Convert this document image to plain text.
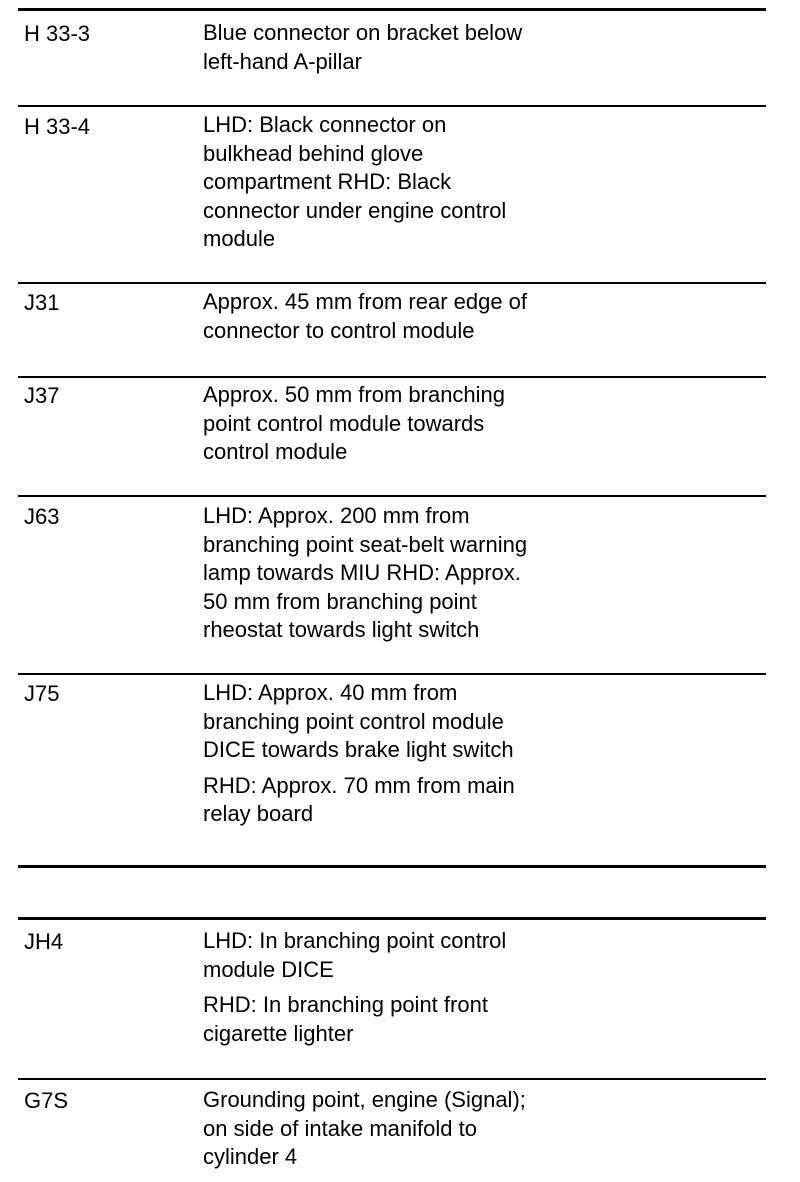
H 33-3	Blue connector on bracket below
left-hand A-pillar
H 33-4	LHD: Black connector on
bulkhead behind glove
compartment RHD: Black
connector under engine control
module
J31	Approx. 45 mm from rear edge of
connector to control module
J37	Approx. 50 mm from branching
point control module towards
control module
J63	LHD: Approx. 200 mm from
branching point seat-belt warning
lamp towards MIU RHD: Approx.
50 mm from branching point
rheostat towards light switch
J75	LHD: Approx. 40 mm from
branching point control module
DICE towards brake light switch
RHD: Approx. 70 mm from main
relay board
JH4	LHD: In branching point control
module DICE
RHD: In branching point front
cigarette lighter
G7S	Grounding point, engine (Signal);
on side of intake manifold to
cylinder 4
